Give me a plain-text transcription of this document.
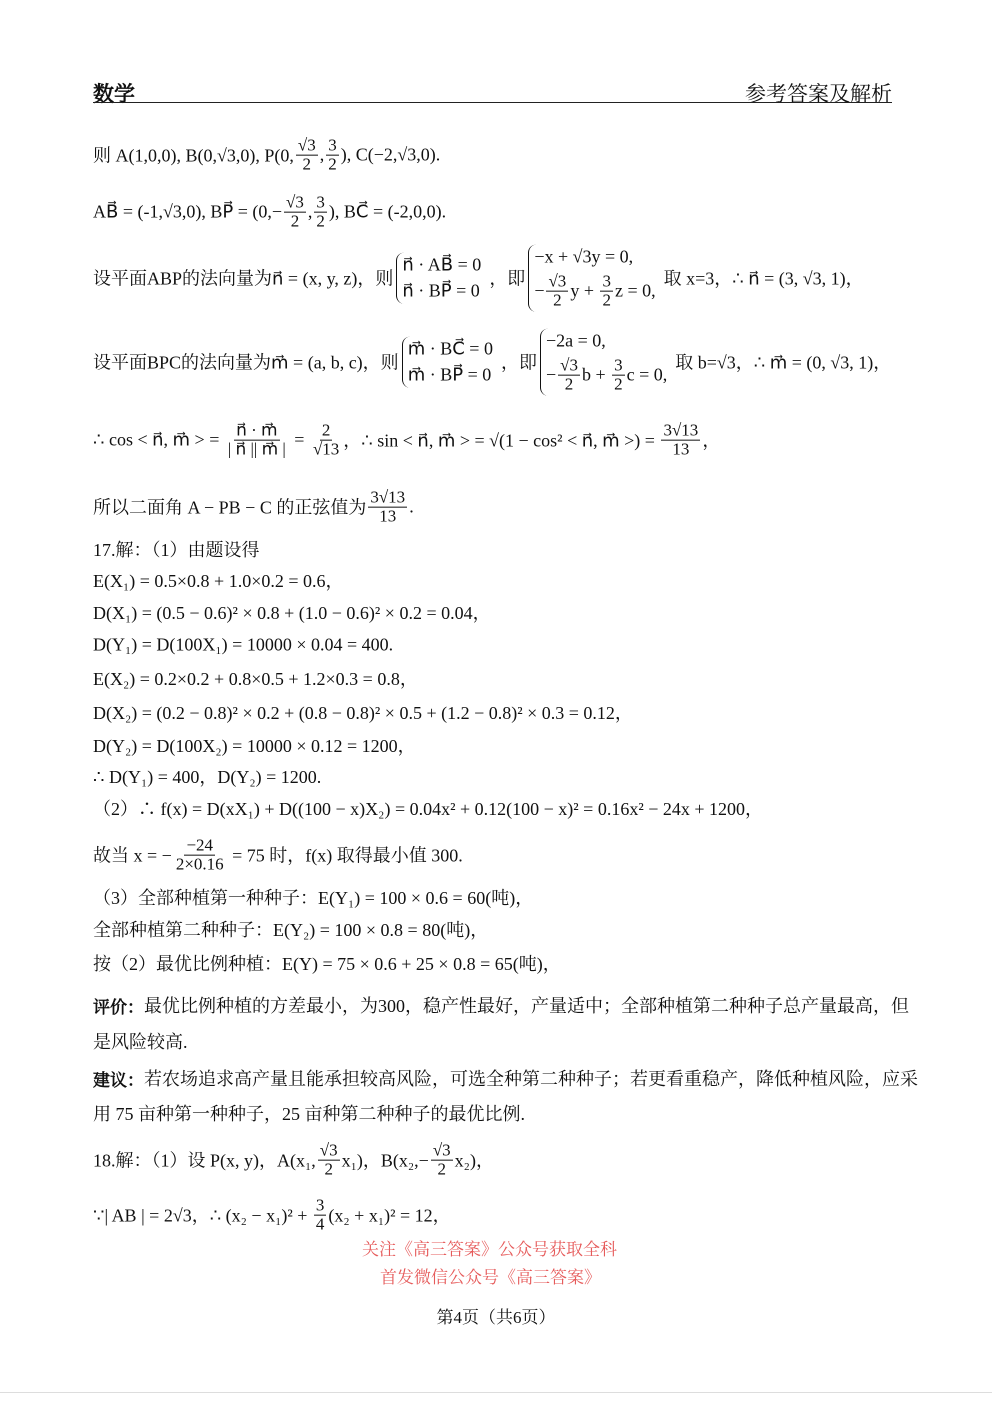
数学	参考答案及解析
则 A(1,0,0), B(0,√3,0), P(0, $\frac{√3}{2}$ , $\frac{3}{2}$ ), C(−2,√3,0).
AB⃗ = (-1,√3,0), BP⃗ = ($0,- \frac{√3}{2}$ , $\frac{3}{2}$ ), BC⃗ = (-2,0,0).
设平面ABP的法向量为n⃗ = (x, y, z)，则
n⃗ · AB⃗ = 0
n⃗ · BP⃗ = 0
，即
−x + √3y = 0,
− $\frac{√3}{2}$ $y + \frac{3}{2}$ z = 0,
取 x=3，∴ n⃗ = (3, √3, 1)，
设平面BPC的法向量为m⃗ = (a, b, c)，则
m⃗ · BC⃗ = 0
m⃗ · BP⃗ = 0
，即
−2a = 0,
− $\frac{√3}{2}$ $b + \frac{3}{2}$ c = 0,
取 b=√3，∴ m⃗ = (0, √3, 1)，
∴ cos < n⃗, m⃗ > = $\frac{n⃗ \cdot m⃗}{| n⃗ || m⃗ |} = \frac{2}{√13}$ ，∴ sin < n⃗, m⃗ > = √(1 − cos² < n⃗, m⃗ >) = $\frac{3√13}{13}$ ，
所以二面角 A − PB − C 的正弦值为 $\frac{3√13}{13}$ .
17.解：（1）由题设得
E(X₁) = 0.5×0.8 + 1.0×0.2 = 0.6，
D(X₁) = (0.5 − 0.6)² × 0.8 + (1.0 − 0.6)² × 0.2 = 0.04，
D(Y₁) = D(100X₁) = 10000 × 0.04 = 400.
E(X₂) = 0.2×0.2 + 0.8×0.5 + 1.2×0.3 = 0.8，
D(X₂) = (0.2 − 0.8)² × 0.2 + (0.8 − 0.8)² × 0.5 + (1.2 − 0.8)² × 0.3 = 0.12，
D(Y₂) = D(100X₂) = 10000 × 0.12 = 1200，
∴ D(Y₁) = 400，D(Y₂) = 1200.
（2）∴ f(x) = D(xX₁) + D((100 − x)X₂) = 0.04x² + 0.12(100 − x)² = 0.16x² − 24x + 1200，
故当 x = − $\frac{-24}{2\times 0.16} = 75$ 时，f(x) 取得最小值 300.
（3）全部种植第一种种子：E(Y₁) = 100 × 0.6 = 60(吨)，
全部种植第二种种子：E(Y₂) = 100 × 0.8 = 80(吨)，
按（2）最优比例种植：E(Y) = 75 × 0.6 + 25 × 0.8 = 65(吨)，
评价： 最优比例种植的方差最小，为300，稳产性最好，产量适中；全部种植第二种种子总产量最高，但
是风险较高.
建议： 若农场追求高产量且能承担较高风险，可选全种第二种种子；若更看重稳产，降低种植风险，应采
用 75 亩种第一种种子，25 亩种第二种种子的最优比例.
18.解：（1）设 P(x, y)，A(x₁, $\frac{√3}{2} x_1$)，$B(x_2,- \frac{√3}{2} x_2)$，
∵| AB | = 2√3，∴ $(x_2 - x_1)^2 + \frac{3}{4} (x_2 + x_1)^2 = 12$，
关注《高三答案》公众号获取全科
首发微信公众号《高三答案》
第4页（共6页）
